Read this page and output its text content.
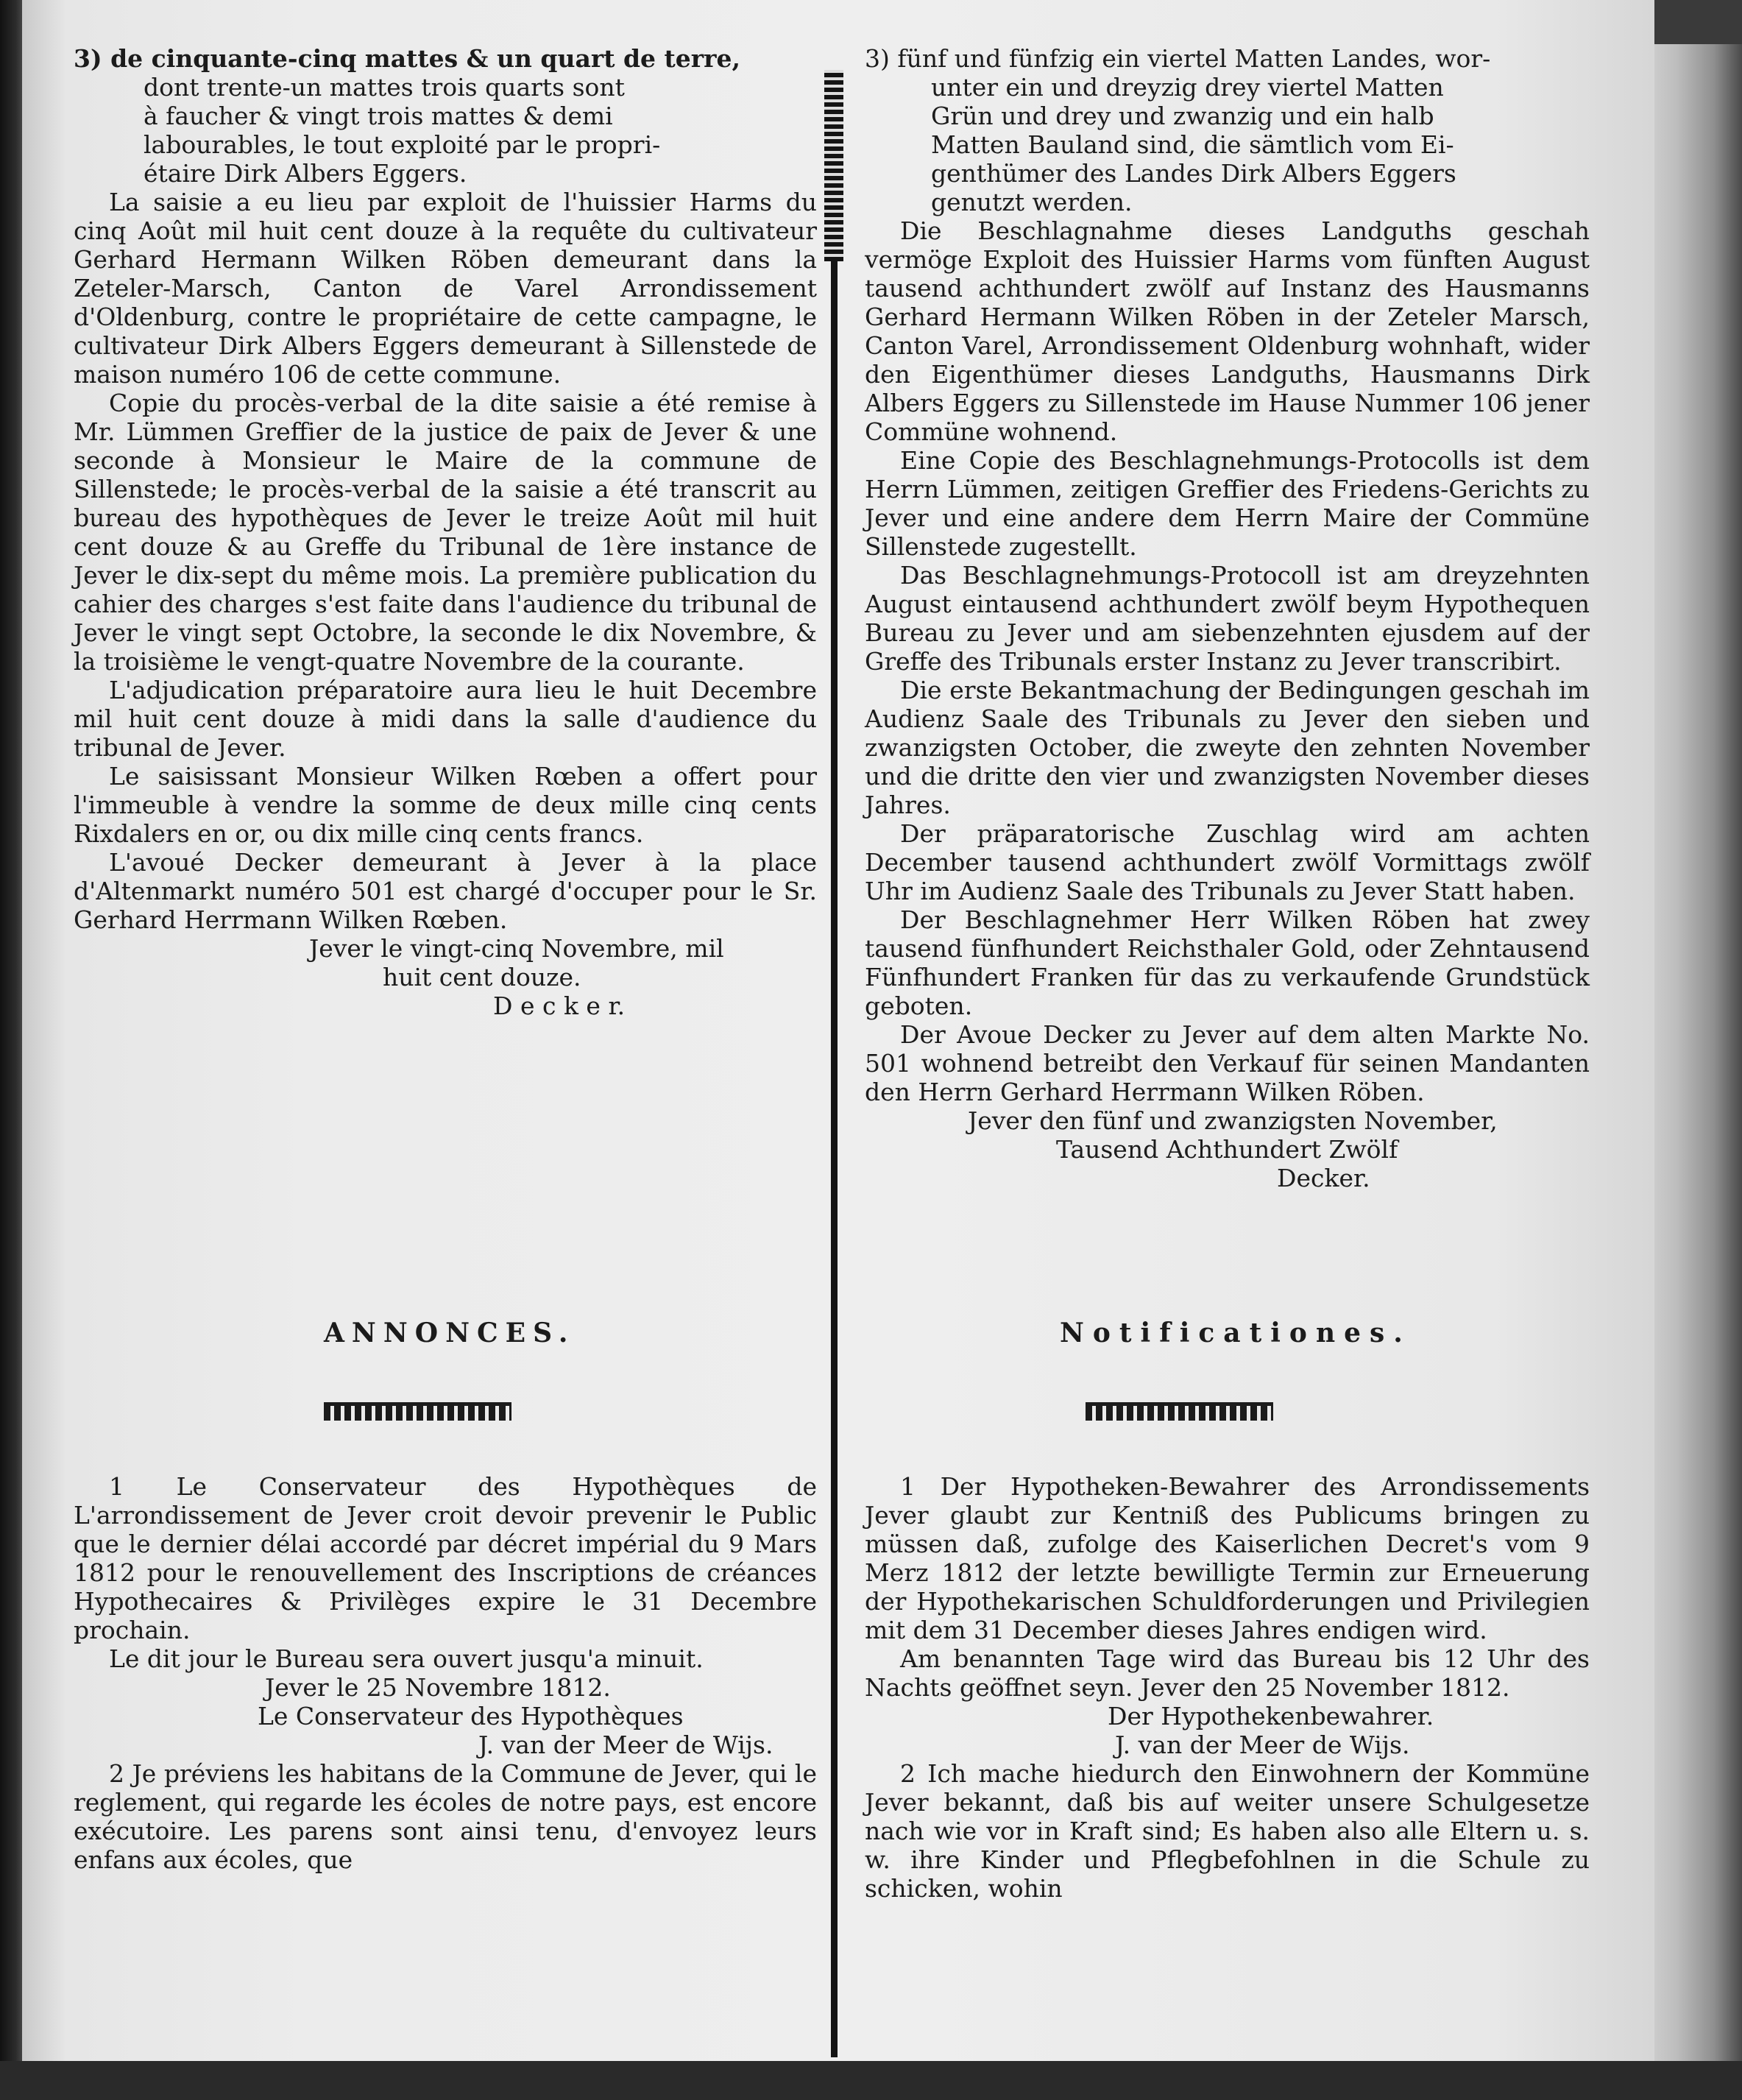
3) de cinquante-cinq mattes & un quart de terre,
dont trente-un mattes trois quarts sont
à faucher & vingt trois mattes & demi
labourables, le tout exploité par le propri-
étaire Dirk Albers Eggers.

La saisie a eu lieu par exploit de l'huissier Harms du cinq Août mil huit cent douze à la requête du cultivateur Gerhard Hermann Wilken Röben demeurant dans la Zeteler-Marsch, Canton de Varel Arrondissement d'Oldenburg, contre le propriétaire de cette campagne, le cultivateur Dirk Albers Eggers demeurant à Sillenstede de maison numéro 106 de cette commune.

Copie du procès-verbal de la dite saisie a été remise à Mr. Lümmen Greffier de la justice de paix de Jever & une seconde à Monsieur le Maire de la commune de Sillenstede; le procès-verbal de la saisie a été transcrit au bureau des hypothèques de Jever le treize Août mil huit cent douze & au Greffe du Tribunal de 1ère instance de Jever le dix-sept du même mois. La première publication du cahier des charges s'est faite dans l'audience du tribunal de Jever le vingt sept Octobre, la seconde le dix Novembre, & la troisième le vengt-quatre Novembre de la courante.

L'adjudication préparatoire aura lieu le huit Decembre mil huit cent douze à midi dans la salle d'audience du tribunal de Jever.

Le saisissant Monsieur Wilken Rœben a offert pour l'immeuble à vendre la somme de deux mille cinq cents Rixdalers en or, ou dix mille cinq cents francs.

L'avoué Decker demeurant à Jever à la place d'Altenmarkt numéro 501 est chargé d'occuper pour le Sr. Gerhard Herrmann Wilken Rœben.

Jever le vingt-cinq Novembre, mil

huit cent douze.

D e c k e r.

3) fünf und fünfzig ein viertel Matten Landes, wor-
unter ein und dreyzig drey viertel Matten
Grün und drey und zwanzig und ein halb
Matten Bauland sind, die sämtlich vom Ei-
genthümer des Landes Dirk Albers Eggers
genutzt werden.

Die Beschlagnahme dieses Landguths geschah vermöge Exploit des Huissier Harms vom fünften August tausend achthundert zwölf auf Instanz des Hausmanns Gerhard Hermann Wilken Röben in der Zeteler Marsch, Canton Varel, Arrondissement Oldenburg wohnhaft, wider den Eigenthümer dieses Landguths, Hausmanns Dirk Albers Eggers zu Sillenstede im Hause Nummer 106 jener Commüne wohnend.

Eine Copie des Beschlagnehmungs-Protocolls ist dem Herrn Lümmen, zeitigen Greffier des Friedens-Gerichts zu Jever und eine andere dem Herrn Maire der Commüne Sillenstede zugestellt.

Das Beschlagnehmungs-Protocoll ist am dreyzehnten August eintausend achthundert zwölf beym Hypothequen Bureau zu Jever und am siebenzehnten ejusdem auf der Greffe des Tribunals erster Instanz zu Jever transcribirt.

Die erste Bekantmachung der Bedingungen geschah im Audienz Saale des Tribunals zu Jever den sieben und zwanzigsten October, die zweyte den zehnten November und die dritte den vier und zwanzigsten November dieses Jahres.

Der präparatorische Zuschlag wird am achten December tausend achthundert zwölf Vormittags zwölf Uhr im Audienz Saale des Tribunals zu Jever Statt haben.

Der Beschlagnehmer Herr Wilken Röben hat zwey tausend fünfhundert Reichsthaler Gold, oder Zehntausend Fünfhundert Franken für das zu verkaufende Grundstück geboten.

Der Avoue Decker zu Jever auf dem alten Markte No. 501 wohnend betreibt den Verkauf für seinen Mandanten den Herrn Gerhard Herrmann Wilken Röben.

Jever den fünf und zwanzigsten November,

Tausend Achthundert Zwölf

Decker.

ANNONCES.	Notificationes.

1 Le Conservateur des Hypothèques de L'arrondissement de Jever croit devoir prevenir le Public que le dernier délai accordé par décret impérial du 9 Mars 1812 pour le renouvellement des Inscriptions de créances Hypothecaires & Privilèges expire le 31 Decembre prochain.

Le dit jour le Bureau sera ouvert jusqu'a minuit.

Jever le 25 Novembre 1812.

Le Conservateur des Hypothèques

J. van der Meer de Wijs.

2 Je préviens les habitans de la Commune de Jever, qui le reglement, qui regarde les écoles de notre pays, est encore exécutoire. Les parens sont ainsi tenu, d'envoyez leurs enfans aux écoles, que

1 Der Hypotheken-Bewahrer des Arrondissements Jever glaubt zur Kentniß des Publicums bringen zu müssen daß, zufolge des Kaiserlichen Decret's vom 9 Merz 1812 der letzte bewilligte Termin zur Erneuerung der Hypothekarischen Schuldforderungen und Privilegien mit dem 31 December dieses Jahres endigen wird.

Am benannten Tage wird das Bureau bis 12 Uhr des Nachts geöffnet seyn. Jever den 25 November 1812.

Der Hypothekenbewahrer.

J. van der Meer de Wijs.

2 Ich mache hiedurch den Einwohnern der Kommüne Jever bekannt, daß bis auf weiter unsere Schulgesetze nach wie vor in Kraft sind; Es haben also alle Eltern u. s. w. ihre Kinder und Pflegbefohlnen in die Schule zu schicken, wohin
